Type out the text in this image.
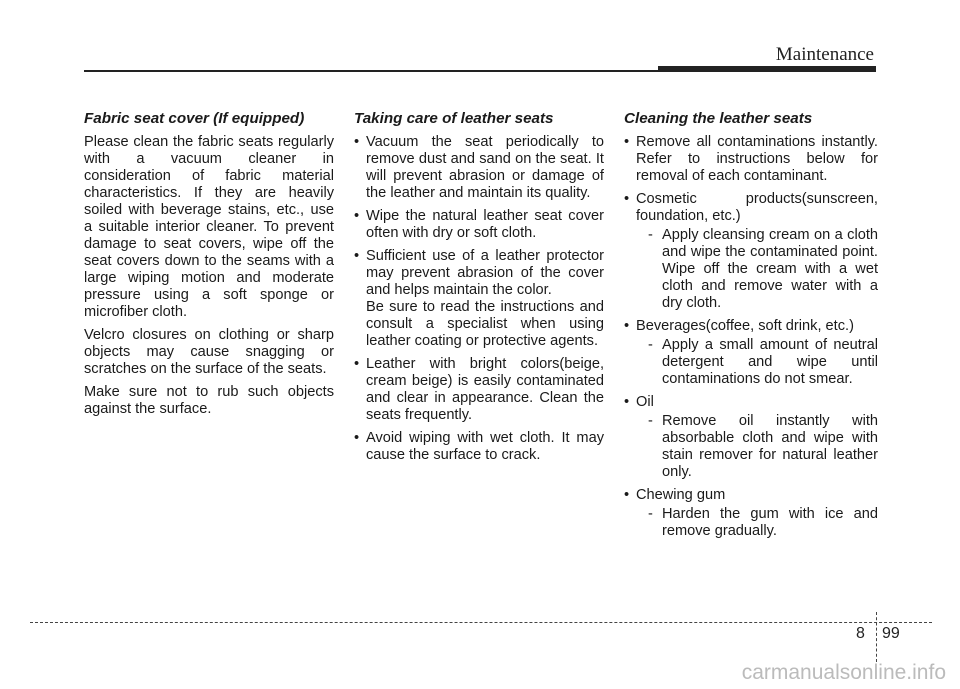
Maintenance
Fabric seat cover (If equipped)

Please clean the fabric seats regularly with a vacuum cleaner in consideration of fabric material characteristics. If they are heavily soiled with beverage stains, etc., use a suitable interior cleaner. To prevent damage to seat covers, wipe off the seat covers down to the seams with a large wiping motion and moderate pressure using a soft sponge or microfiber cloth.

Velcro closures on clothing or sharp objects may cause snagging or scratches on the surface of the seats.

Make sure not to rub such objects against the surface.

Taking care of leather seats
• Vacuum the seat periodically to remove dust and sand on the seat. It will prevent abrasion or damage of the leather and maintain its quality.
• Wipe the natural leather seat cover often with dry or soft cloth.
• Sufficient use of a leather protector may prevent abrasion of the cover and helps maintain the color.

Be sure to read the instructions and consult a specialist when using leather coating or protective agents.

• Leather with bright colors(beige, cream beige) is easily contaminated and clear in appearance. Clean the seats frequently.
• Avoid wiping with wet cloth. It may cause the surface to crack.
Cleaning the leather seats
• Remove all contaminations instantly. Refer to instructions below for removal of each contaminant.
• Cosmetic products(sunscreen, foundation, etc.)
- Apply cleansing cream on a cloth and wipe the contaminated point. Wipe off the cream with a wet cloth and remove water with a dry cloth.
• Beverages(coffee, soft drink, etc.)
- Apply a small amount of neutral detergent and wipe until contaminations do not smear.
• Oil
- Remove oil instantly with absorbable cloth and wipe with stain remover for natural leather only.
• Chewing gum
- Harden the gum with ice and remove gradually.
8 99
carmanualsonline.info
